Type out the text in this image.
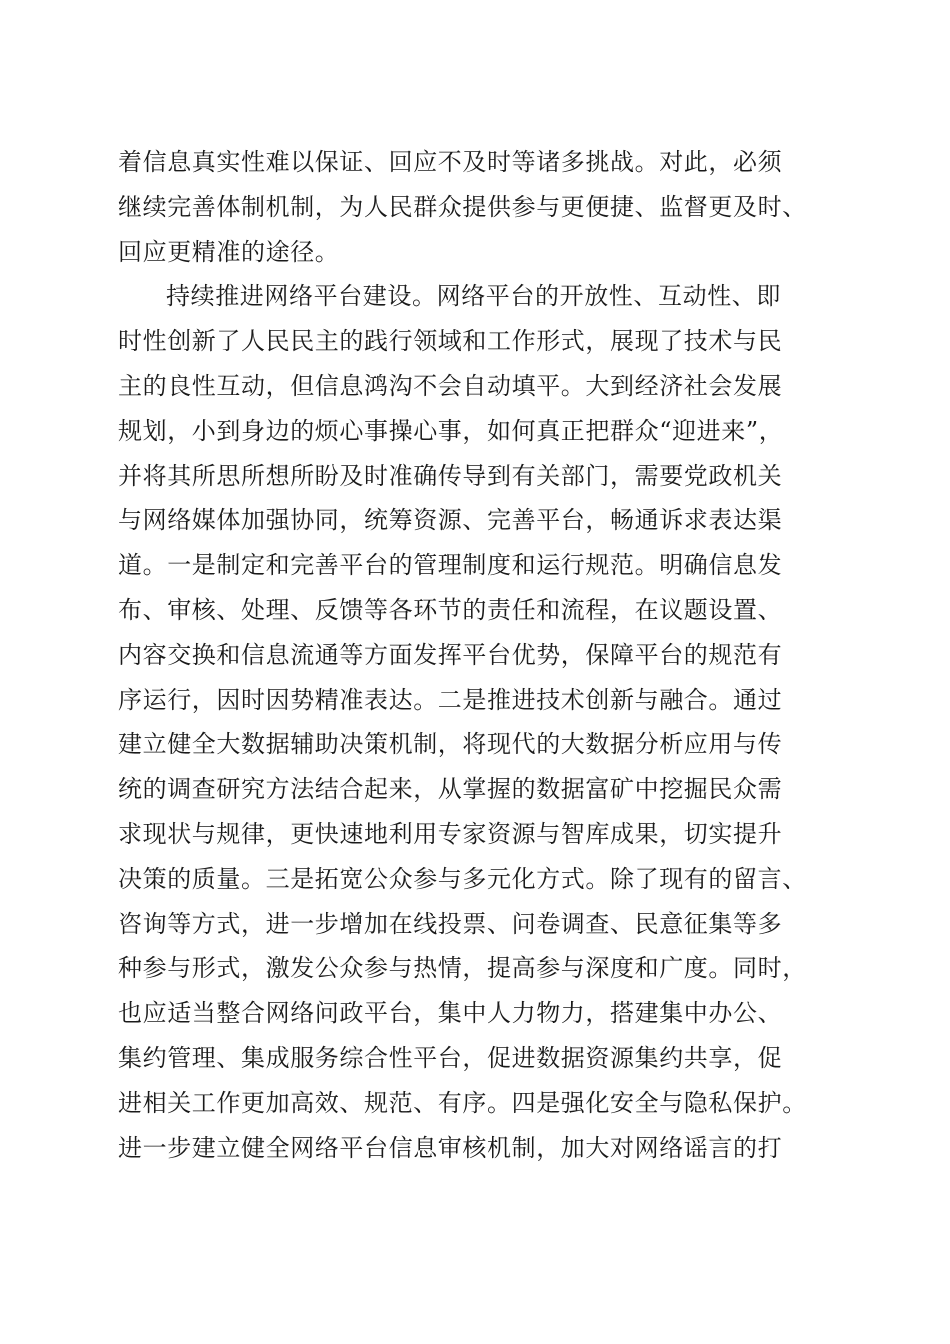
着信息真实性难以保证、回应不及时等诸多挑战。对此，必须
继续完善体制机制，为人民群众提供参与更便捷、监督更及时、
回应更精准的途径。
持续推进网络平台建设。网络平台的开放性、互动性、即
时性创新了人民民主的践行领域和工作形式，展现了技术与民
主的良性互动，但信息鸿沟不会自动填平。大到经济社会发展
规划，小到身边的烦心事操心事，如何真正把群众“迎进来”，
并将其所思所想所盼及时准确传导到有关部门，需要党政机关
与网络媒体加强协同，统筹资源、完善平台，畅通诉求表达渠
道。一是制定和完善平台的管理制度和运行规范。明确信息发
布、审核、处理、反馈等各环节的责任和流程，在议题设置、
内容交换和信息流通等方面发挥平台优势，保障平台的规范有
序运行，因时因势精准表达。二是推进技术创新与融合。通过
建立健全大数据辅助决策机制，将现代的大数据分析应用与传
统的调查研究方法结合起来，从掌握的数据富矿中挖掘民众需
求现状与规律，更快速地利用专家资源与智库成果，切实提升
决策的质量。三是拓宽公众参与多元化方式。除了现有的留言、
咨询等方式，进一步增加在线投票、问卷调查、民意征集等多
种参与形式，激发公众参与热情，提高参与深度和广度。同时，
也应适当整合网络问政平台，集中人力物力，搭建集中办公、
集约管理、集成服务综合性平台，促进数据资源集约共享，促
进相关工作更加高效、规范、有序。四是强化安全与隐私保护。
进一步建立健全网络平台信息审核机制，加大对网络谣言的打
